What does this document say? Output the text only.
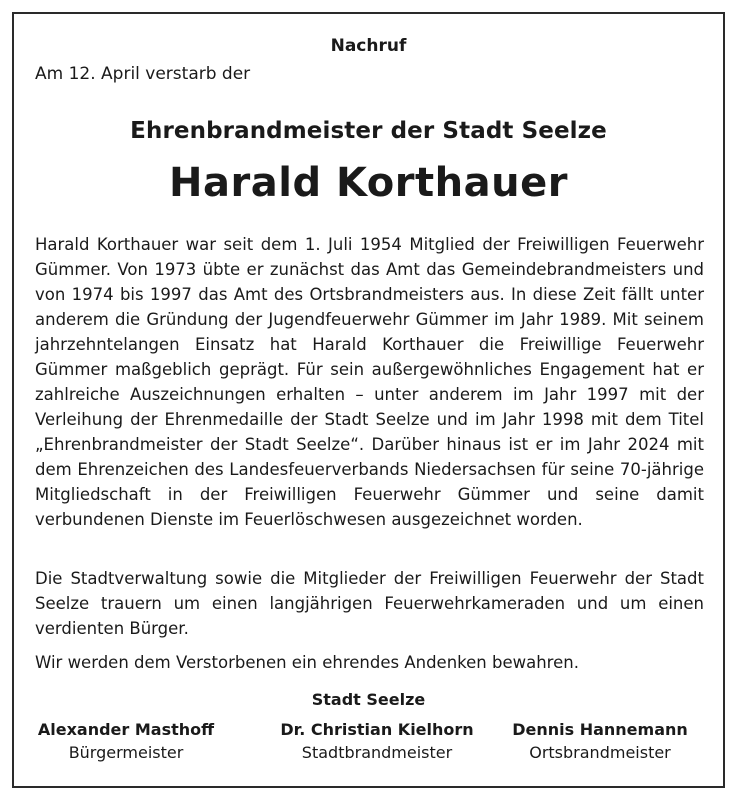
Nachruf
Am 12. April verstarb der
Ehrenbrandmeister der Stadt Seelze
Harald Korthauer

Harald Korthauer war seit dem 1. Juli 1954 Mitglied der Freiwilligen Feuerwehr Gümmer. Von 1973 übte er zunächst das Amt das Gemeindebrandmeisters und von 1974 bis 1997 das Amt des Ortsbrandmeisters aus. In diese Zeit fällt unter anderem die Gründung der Jugendfeuerwehr Gümmer im Jahr 1989. Mit seinem jahrzehntelangen Einsatz hat Harald Korthauer die Freiwillige Feuerwehr Gümmer maßgeblich geprägt. Für sein außergewöhnliches Engagement hat er zahlreiche Auszeichnungen erhalten – unter anderem im Jahr 1997 mit der Verleihung der Ehrenmedaille der Stadt Seelze und im Jahr 1998 mit dem Titel „Ehrenbrandmeister der Stadt Seelze“. Darüber hinaus ist er im Jahr 2024 mit dem Ehrenzeichen des Landesfeuerverbands Niedersachsen für seine 70-jährige Mitgliedschaft in der Freiwilligen Feuerwehr Gümmer und seine damit verbundenen Dienste im Feuerlöschwesen ausgezeichnet worden.

Die Stadtverwaltung sowie die Mitglieder der Freiwilligen Feuerwehr der Stadt Seelze trauern um einen langjährigen Feuerwehrkameraden und um einen verdienten Bürger.

Wir werden dem Verstorbenen ein ehrendes Andenken bewahren.

Stadt Seelze
Alexander Masthoff
Bürgermeister
Dr. Christian Kielhorn
Stadtbrandmeister
Dennis Hannemann
Ortsbrandmeister
